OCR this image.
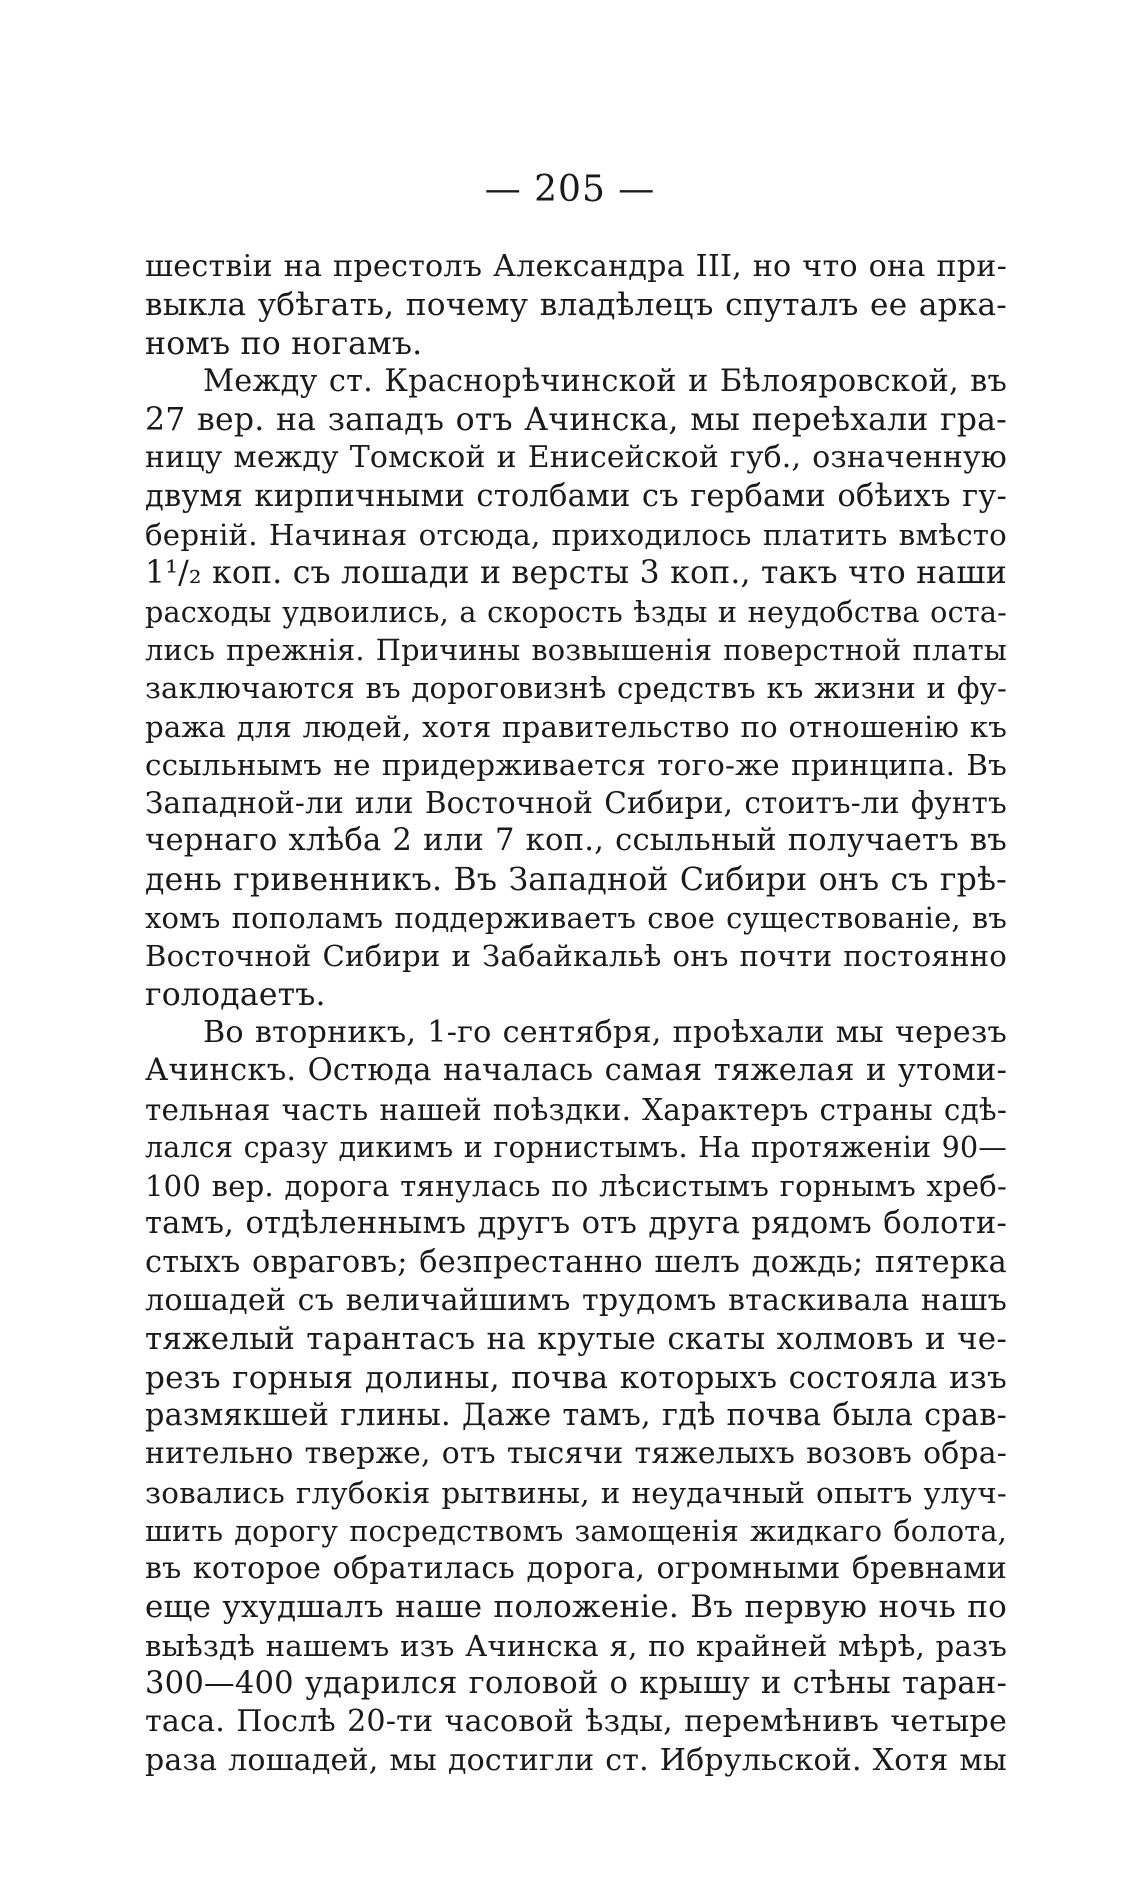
— 205 —
шествіи на престолъ Александра III, но что она при-
выкла убѣгать, почему владѣлецъ спуталъ ее арка-
номъ по ногамъ.
Между ст. Краснорѣчинской и Бѣлояровской, въ
27 вер. на западъ отъ Ачинска, мы переѣхали гра-
ницу между Томской и Енисейской губ., означенную
двумя кирпичными столбами съ гербами обѣихъ гу-
берній. Начиная отсюда, приходилось платить вмѣсто
1¹/₂ коп. съ лошади и версты 3 коп., такъ что наши
расходы удвоились, а скорость ѣзды и неудобства оста-
лись прежнія. Причины возвышенія поверстной платы
заключаются въ дороговизнѣ средствъ къ жизни и фу-
ража для людей, хотя правительство по отношенію къ
ссыльнымъ не придерживается того-же принципа. Въ
Западной-ли или Восточной Сибири, стоитъ-ли фунтъ
чернаго хлѣба 2 или 7 коп., ссыльный получаетъ въ
день гривенникъ. Въ Западной Сибири онъ съ грѣ-
хомъ пополамъ поддерживаетъ свое существованіе, въ
Восточной Сибири и Забайкальѣ онъ почти постоянно
голодаетъ.
Во вторникъ, 1-го сентября, проѣхали мы черезъ
Ачинскъ. Остюда началась самая тяжелая и утоми-
тельная часть нашей поѣздки. Характеръ страны сдѣ-
лался сразу дикимъ и горнистымъ. На протяженіи 90—
100 вер. дорога тянулась по лѣсистымъ горнымъ хреб-
тамъ, отдѣленнымъ другъ отъ друга рядомъ болоти-
стыхъ овраговъ; безпрестанно шелъ дождь; пятерка
лошадей съ величайшимъ трудомъ втаскивала нашъ
тяжелый тарантасъ на крутые скаты холмовъ и че-
резъ горныя долины, почва которыхъ состояла изъ
размякшей глины. Даже тамъ, гдѣ почва была срав-
нительно тверже, отъ тысячи тяжелыхъ возовъ обра-
зовались глубокія рытвины, и неудачный опытъ улуч-
шить дорогу посредствомъ замощенія жидкаго болота,
въ которое обратилась дорога, огромными бревнами
еще ухудшалъ наше положеніе. Въ первую ночь по
выѣздѣ нашемъ изъ Ачинска я, по крайней мѣрѣ, разъ
300—400 ударился головой о крышу и стѣны таран-
таса. Послѣ 20-ти часовой ѣзды, перемѣнивъ четыре
раза лошадей, мы достигли ст. Ибрульской. Хотя мы
